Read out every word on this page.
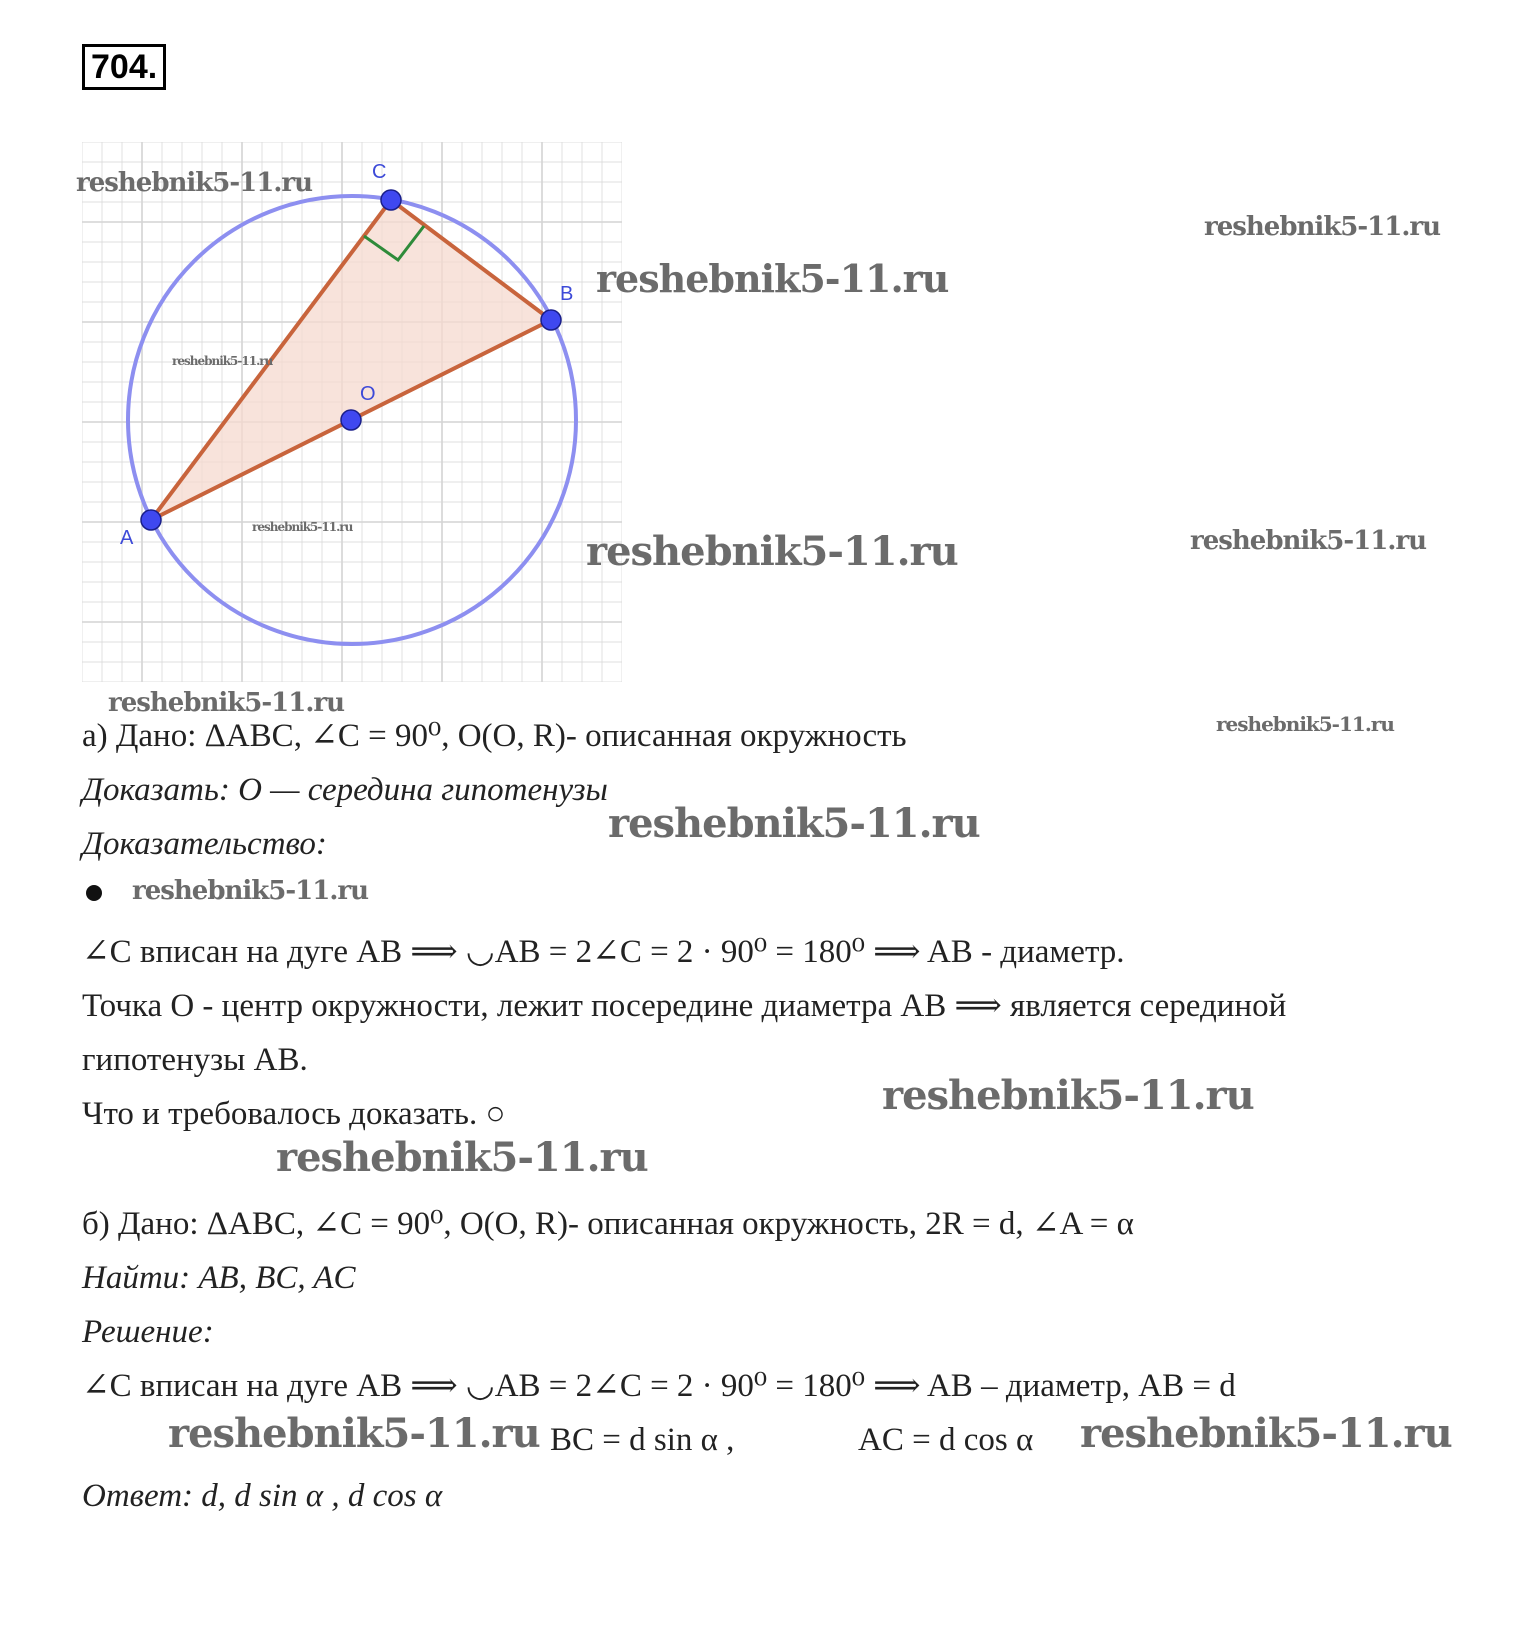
704.
C
B
O
A
а) Дано: ΔABC, ∠C = 90⁰, O(O, R)- описанная окружность
Доказать: O — середина гипотенузы
Доказательство:
∠C вписан на дуге AB ⟹ ◡AB = 2∠C = 2 · 90⁰ = 180⁰ ⟹ AB - диаметр.
Точка O - центр окружности, лежит посередине диаметра AB ⟹ является серединой
гипотенузы AB.
Что и требовалось доказать. ○
б) Дано: ΔABC, ∠C = 90⁰, O(O, R)- описанная окружность, 2R = d, ∠A = α
Найти: AB, BC, AC
Решение:
∠C вписан на дуге AB ⟹ ◡AB = 2∠C = 2 · 90⁰ = 180⁰ ⟹ AB – диаметр, AB = d
BC = d sin α ,	AC = d cos α
Ответ: d, d sin α , d cos α
reshebnik5-11.ru
reshebnik5-11.ru
reshebnik5-11.ru
reshebnik5-11.ru
reshebnik5-11.ru
reshebnik5-11.ru	reshebnik5-11.ru
reshebnik5-11.ru
reshebnik5-11.ru
reshebnik5-11.ru
reshebnik5-11.ru
reshebnik5-11.ru
reshebnik5-11.ru
reshebnik5-11.ru	reshebnik5-11.ru
